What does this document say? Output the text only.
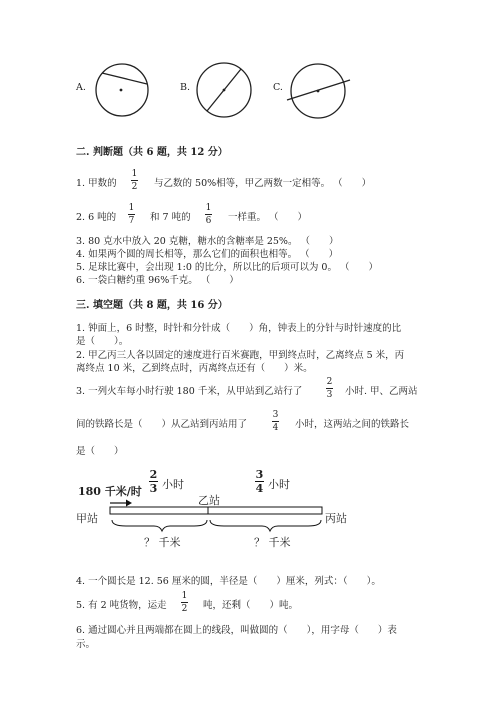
A.	B.	C.
二. 判断题（共 6 题，共 12 分）
1. 甲数的
1
2 与乙数的 50%相等，甲乙两数一定相等。 （　　）
2. 6 吨的
1
7 和 7 吨的
1
6 一样重。 （　　）
3. 80 克水中放入 20 克糖，糖水的含糖率是 25%。 （　　）
4. 如果两个圆的周长相等，那么它们的面积也相等。 （　　）
5. 足球比赛中，会出现 1:0 的比分，所以比的后项可以为 0。 （　　）
6. 一袋白糖约重 96%千克。 （　　）
三. 填空题（共 8 题，共 16 分）
1. 钟面上，6 时整，时针和分针成（　　）角，钟表上的分针与时针速度的比
是（　　）。
2. 甲乙丙三人各以固定的速度进行百米赛跑，甲到终点时，乙离终点 5 米，丙
离终点 10 米，乙到终点时，丙离终点还有（　　）米。
3. 一列火车每小时行驶 180 千米，从甲站到乙站行了
2
3 小时. 甲、乙两站
间的铁路长是（　　）从乙站到丙站用了
3
4 小时，这两站之间的铁路长
是（　　）
180 千米/时
2
3 小时
乙站
3
4 小时
甲站	丙站
？ 千米	？ 千米
4. 一个圆长是 12. 56 厘米的圆，半径是（　　）厘米，列式：（　　）。
5. 有 2 吨货物，运走
1
2 吨，还剩（　　）吨。
6. 通过圆心并且两端都在圆上的线段，叫做圆的（　　），用字母（　　）表
示。
